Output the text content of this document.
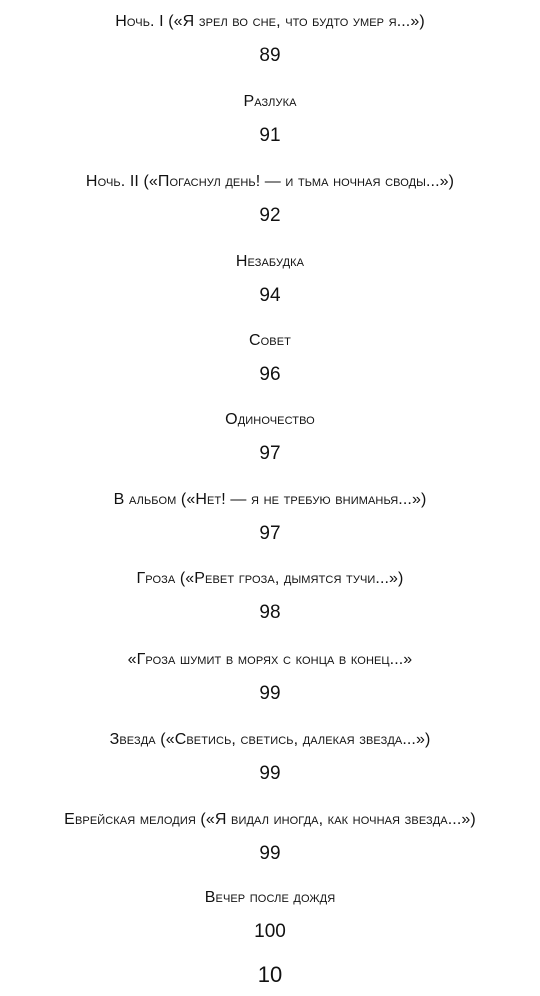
Ночь. I («Я зрел во сне, что будто умер я...»)
89
Разлука
91
Ночь. II («Погаснул день! — и тьма ночная своды...»)
92
Незабудка
94
Совет
96
Одиночество
97
В альбом («Нет! — я не требую вниманья...»)
97
Гроза («Ревет гроза, дымятся тучи...»)
98
«Гроза шумит в морях с конца в конец...»
99
Звезда («Светись, светись, далекая звезда...»)
99
Еврейская мелодия («Я видал иногда, как ночная звезда...»)
99
Вечер после дождя
100
10
